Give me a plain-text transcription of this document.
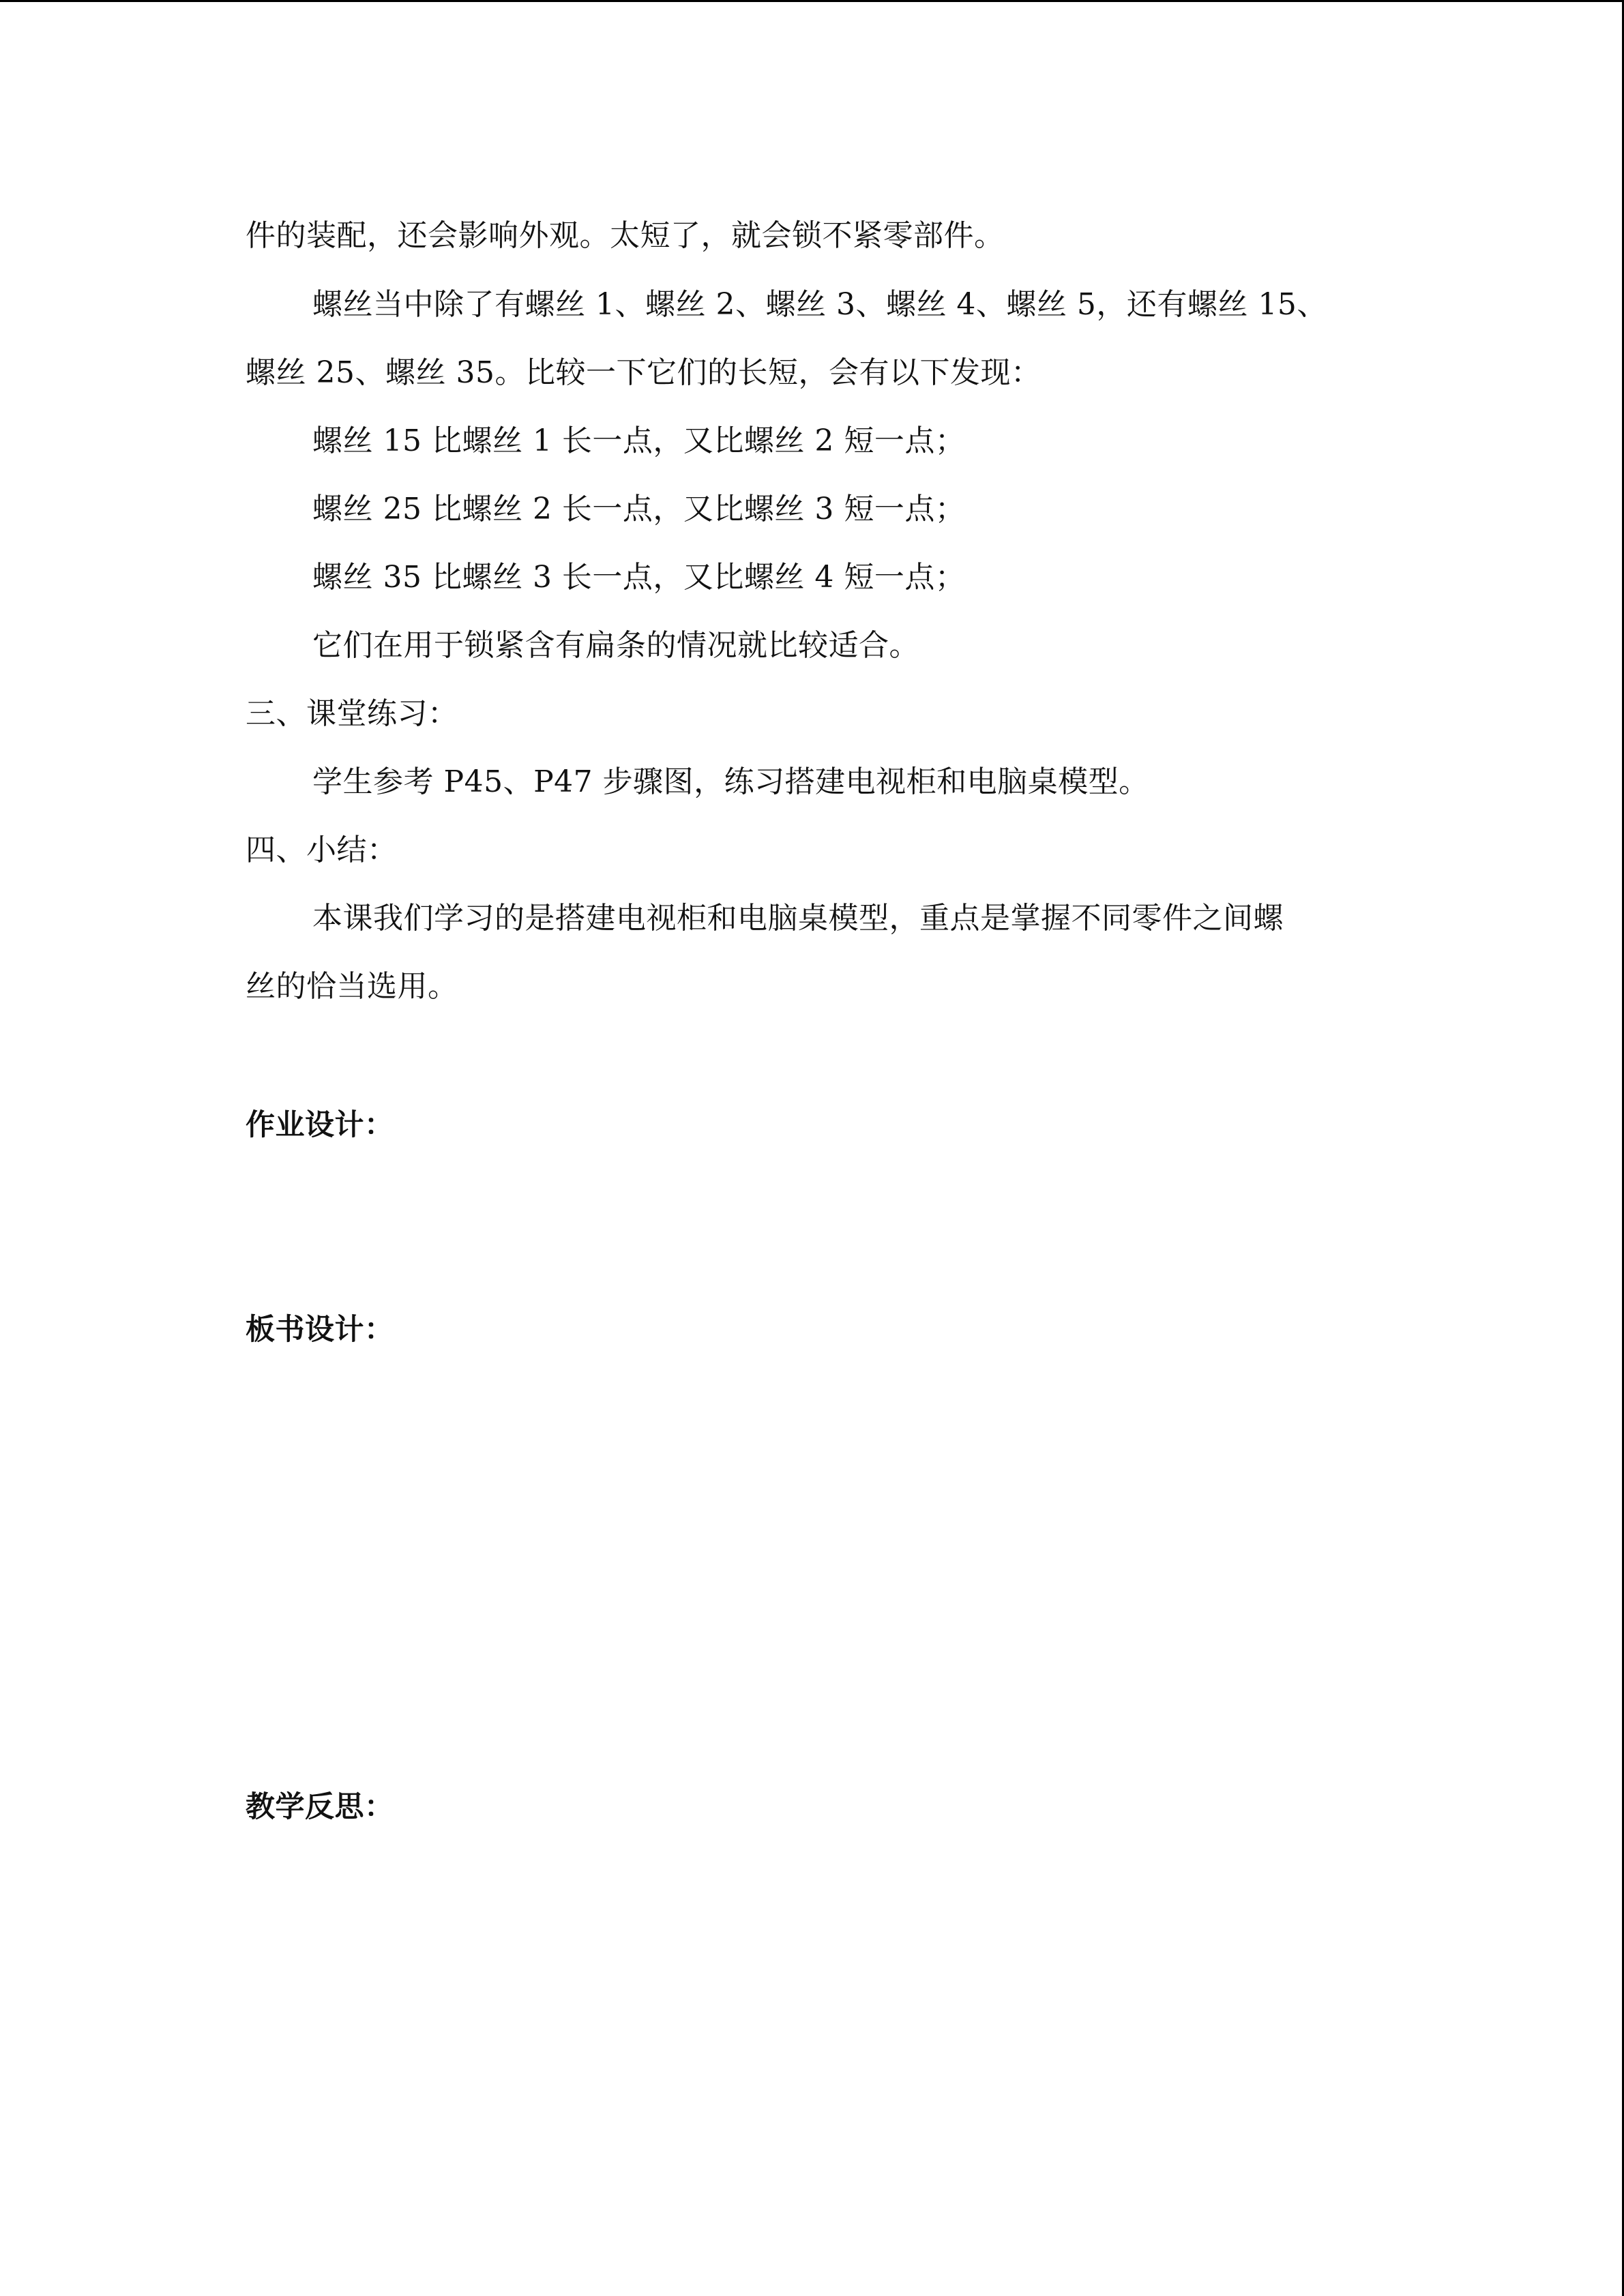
件的装配，还会影响外观。太短了，就会锁不紧零部件。
螺丝当中除了有螺丝 1、螺丝 2、螺丝 3、螺丝 4、螺丝 5，还有螺丝 15、
螺丝 25、螺丝 35。比较一下它们的长短，会有以下发现：
螺丝 15 比螺丝 1 长一点，又比螺丝 2 短一点；
螺丝 25 比螺丝 2 长一点，又比螺丝 3 短一点；
螺丝 35 比螺丝 3 长一点，又比螺丝 4 短一点；
它们在用于锁紧含有扁条的情况就比较适合。
三、课堂练习：
学生参考 P45、P47 步骤图，练习搭建电视柜和电脑桌模型。
四、小结：
本课我们学习的是搭建电视柜和电脑桌模型，重点是掌握不同零件之间螺
丝的恰当选用。
作业设计：
板书设计：
教学反思：
